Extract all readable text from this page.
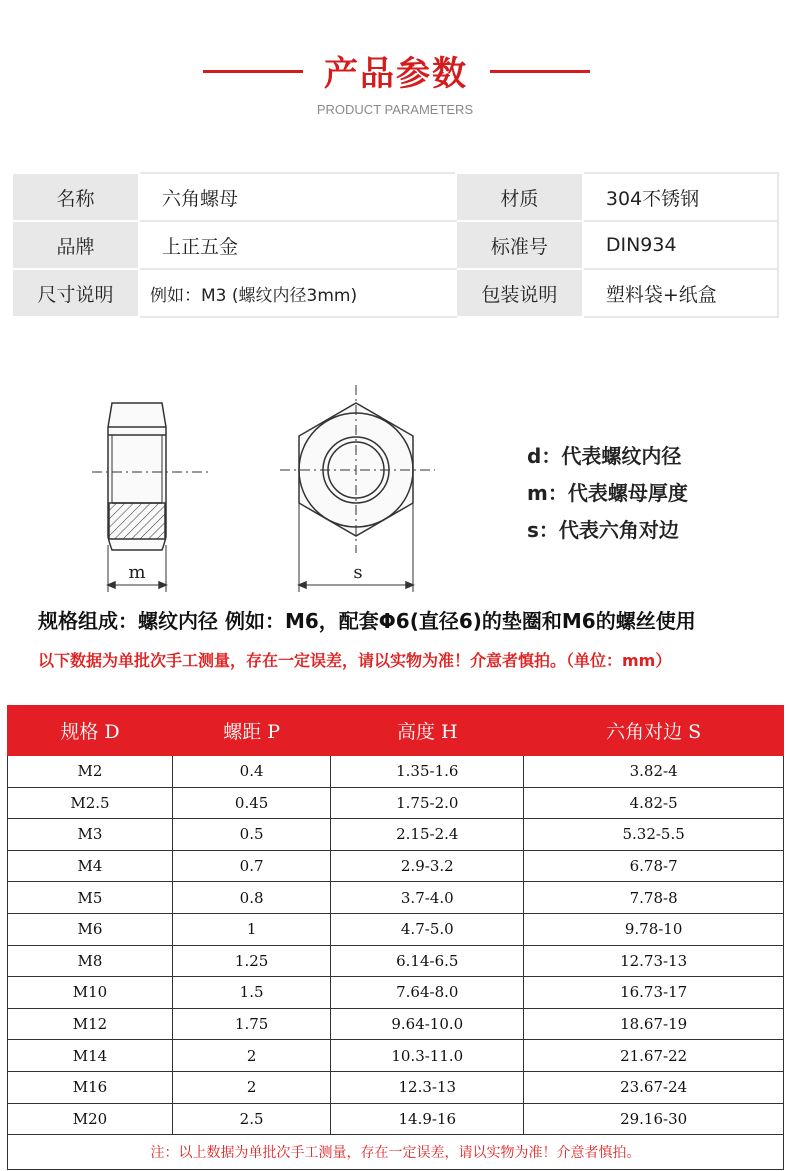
产品参数
PRODUCT PARAMETERS
名称	六角螺母	材质	304不锈钢
品牌	上正五金	标准号	DIN934
尺寸说明	例如：M3 (螺纹内径3mm)	包装说明	塑料袋+纸盒
m	s
d：代表螺纹内径
m：代表螺母厚度
s：代表六角对边
规格组成：螺纹内径 例如：M6，配套Φ6(直径6)的垫圈和M6的螺丝使用
以下数据为单批次手工测量，存在一定误差，请以实物为准！介意者慎拍。（单位：mm）
规格 D	螺距 P	高度 H	六角对边 S
M2	0.4	1.35-1.6	3.82-4
M2.5	0.45	1.75-2.0	4.82-5
M3	0.5	2.15-2.4	5.32-5.5
M4	0.7	2.9-3.2	6.78-7
M5	0.8	3.7-4.0	7.78-8
M6	1	4.7-5.0	9.78-10
M8	1.25	6.14-6.5	12.73-13
M10	1.5	7.64-8.0	16.73-17
M12	1.75	9.64-10.0	18.67-19
M14	2	10.3-11.0	21.67-22
M16	2	12.3-13	23.67-24
M20	2.5	14.9-16	29.16-30
注：以上数据为单批次手工测量，存在一定误差，请以实物为准！介意者慎拍。			
